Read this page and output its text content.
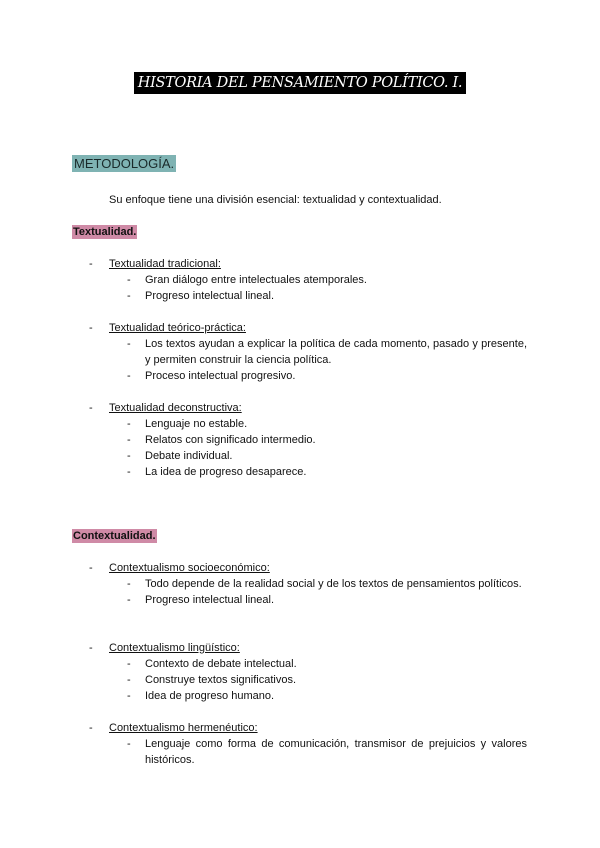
HISTORIA DEL PENSAMIENTO POLÍTICO. I.
METODOLOGÍA.
Su enfoque tiene una división esencial: textualidad y contextualidad.
Textualidad.
- Textualidad tradicional:
- Gran diálogo entre intelectuales atemporales.
- Progreso intelectual lineal.
- Textualidad teórico-práctica:
- Los textos ayudan a explicar la política de cada momento, pasado y presente, y permiten construir la ciencia política.
- Proceso intelectual progresivo.
- Textualidad deconstructiva:
- Lenguaje no estable.
- Relatos con significado intermedio.
- Debate individual.
- La idea de progreso desaparece.
Contextualidad.
- Contextualismo socioeconómico:
- Todo depende de la realidad social y de los textos de pensamientos políticos.
- Progreso intelectual lineal.
- Contextualismo lingüístico:
- Contexto de debate intelectual.
- Construye textos significativos.
- Idea de progreso humano.
- Contextualismo hermenéutico:
- Lenguaje como forma de comunicación, transmisor de prejuicios y valores históricos.
